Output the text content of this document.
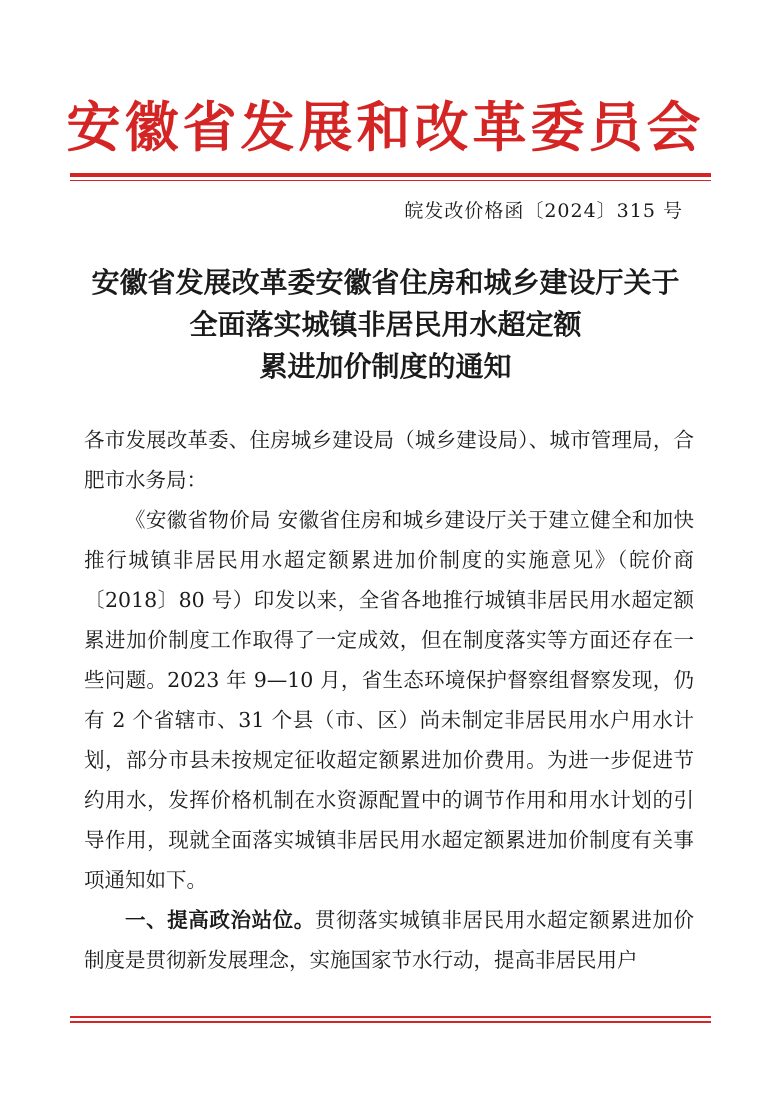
安徽省发展和改革委员会
皖发改价格函〔2024〕315 号
安徽省发展改革委安徽省住房和城乡建设厅关于
全面落实城镇非居民用水超定额
累进加价制度的通知

各市发展改革委、住房城乡建设局（城乡建设局）、城市管理局，合肥市水务局：

《安徽省物价局 安徽省住房和城乡建设厅关于建立健全和加快推行城镇非居民用水超定额累进加价制度的实施意见》（皖价商〔2018〕80 号）印发以来，全省各地推行城镇非居民用水超定额累进加价制度工作取得了一定成效，但在制度落实等方面还存在一些问题。2023 年 9—10 月，省生态环境保护督察组督察发现，仍有 2 个省辖市、31 个县（市、区）尚未制定非居民用水户用水计划，部分市县未按规定征收超定额累进加价费用。为进一步促进节约用水，发挥价格机制在水资源配置中的调节作用和用水计划的引导作用，现就全面落实城镇非居民用水超定额累进加价制度有关事项通知如下。

一、提高政治站位。贯彻落实城镇非居民用水超定额累进加价制度是贯彻新发展理念，实施国家节水行动，提高非居民用户
